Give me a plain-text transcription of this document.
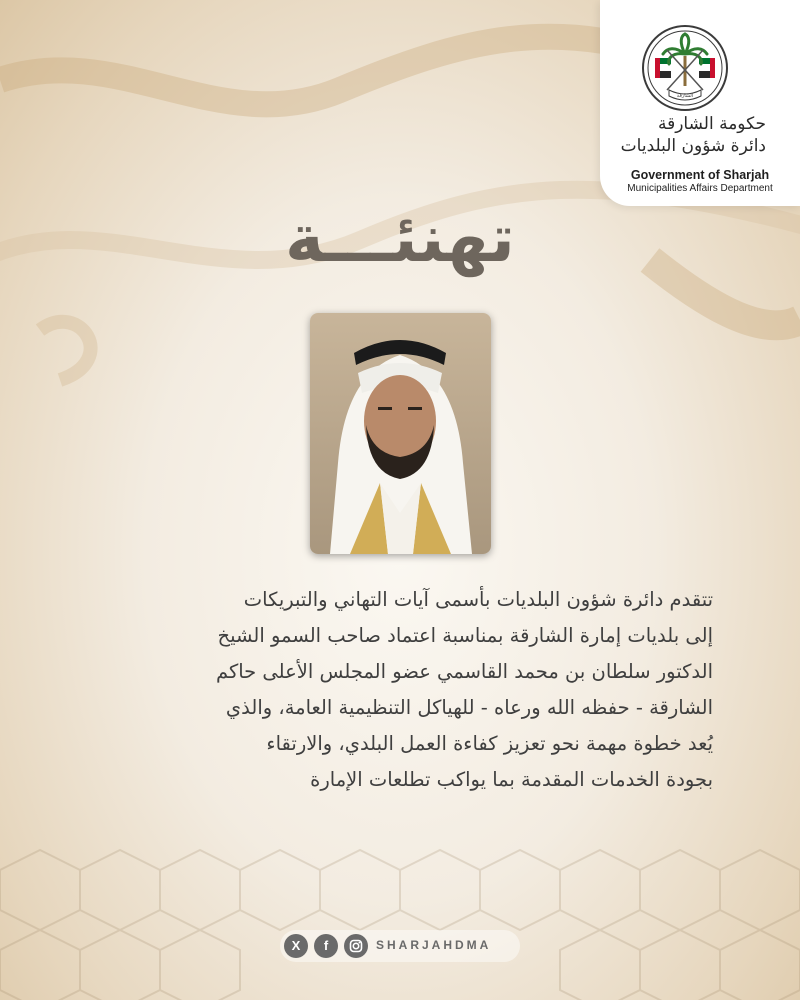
الشارقة
حكومة الشارقة
دائرة شؤون البلديات
Government of Sharjah
Municipalities Affairs Department
تهنئـــة

تتقدم دائرة شؤون البلديات بأسمى آيات التهاني والتبريكات

إلى بلديات إمارة الشارقة بمناسبة اعتماد صاحب السمو الشيخ

الدكتور سلطان بن محمد القاسمي عضو المجلس الأعلى حاكم

الشارقة - حفظه الله ورعاه - للهياكل التنظيمية العامة، والذي

يُعد خطوة مهمة نحو تعزيز كفاءة العمل البلدي، والارتقاء

بجودة الخدمات المقدمة بما يواكب تطلعات الإمارة

X	f	SHARJAHDMA
